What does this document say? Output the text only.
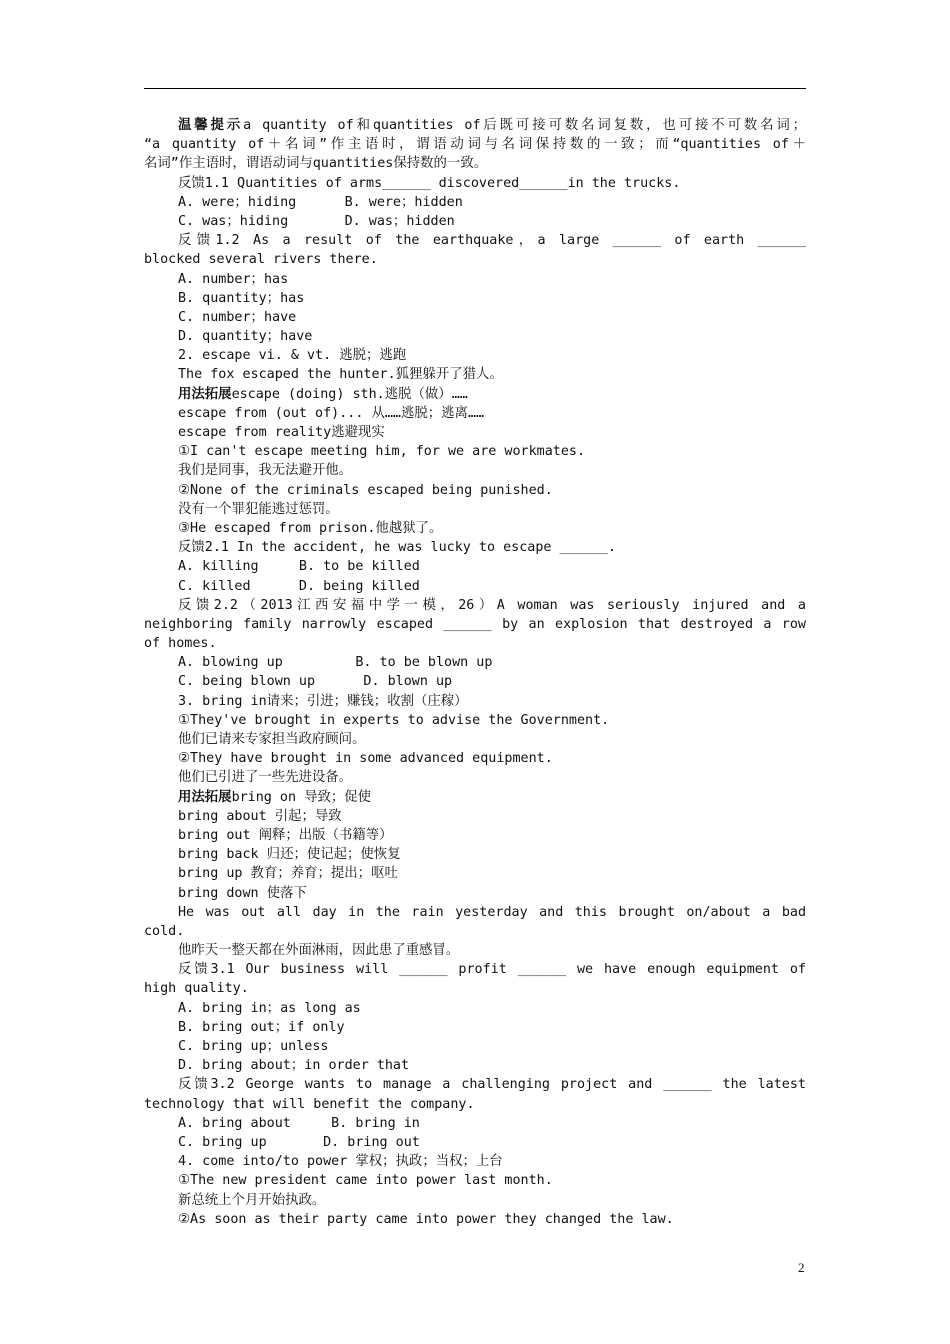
温馨提示a quantity of和quantities of后既可接可数名词复数，也可接不可数名词；
“a quantity of＋名词”作主语时，谓语动词与名词保持数的一致；而“quantities of＋
名词”作主语时，谓语动词与quantities保持数的一致。
反馈1.1 Quantities of arms______ discovered______in the trucks.
A. were；hiding      B. were；hidden
C. was；hiding       D. was；hidden
反馈1.2 As a result of the earthquake，a large ______ of earth ______
blocked several rivers there.
A. number；has
B. quantity；has
C. number；have
D. quantity；have
2. escape vi. & vt. 逃脱；逃跑
The fox escaped the hunter.狐狸躲开了猎人。
用法拓展escape (doing) sth.逃脱（做）……
escape from (out of)... 从……逃脱；逃离……
escape from reality逃避现实
①I can't escape meeting him, for we are workmates.
我们是同事，我无法避开他。
②None of the criminals escaped being punished.
没有一个罪犯能逃过惩罚。
③He escaped from prison.他越狱了。
反馈2.1 In the accident, he was lucky to escape ______.
A. killing     B. to be killed
C. killed      D. being killed
反馈2.2（2013江西安福中学一模，26）A woman was seriously injured and a
neighboring family narrowly escaped ______ by an explosion that destroyed a row
of homes.
A. blowing up         B. to be blown up
C. being blown up      D. blown up
3. bring in请来；引进；赚钱；收割（庄稼）
①They've brought in experts to advise the Government.
他们已请来专家担当政府顾问。
②They have brought in some advanced equipment.
他们已引进了一些先进设备。
用法拓展bring on 导致；促使
bring about 引起；导致
bring out 阐释；出版（书籍等）
bring back 归还；使记起；使恢复
bring up 教育；养育；提出；呕吐
bring down 使落下
He was out all day in the rain yesterday and this brought on/about a bad
cold.
他昨天一整天都在外面淋雨，因此患了重感冒。
反馈3.1 Our business will ______ profit ______ we have enough equipment of
high quality.
A. bring in；as long as
B. bring out；if only
C. bring up；unless
D. bring about；in order that
反馈3.2 George wants to manage a challenging project and ______ the latest
technology that will benefit the company.
A. bring about     B. bring in
C. bring up       D. bring out
4. come into/to power 掌权；执政；当权；上台
①The new president came into power last month.
新总统上个月开始执政。
②As soon as their party came into power they changed the law.
2
